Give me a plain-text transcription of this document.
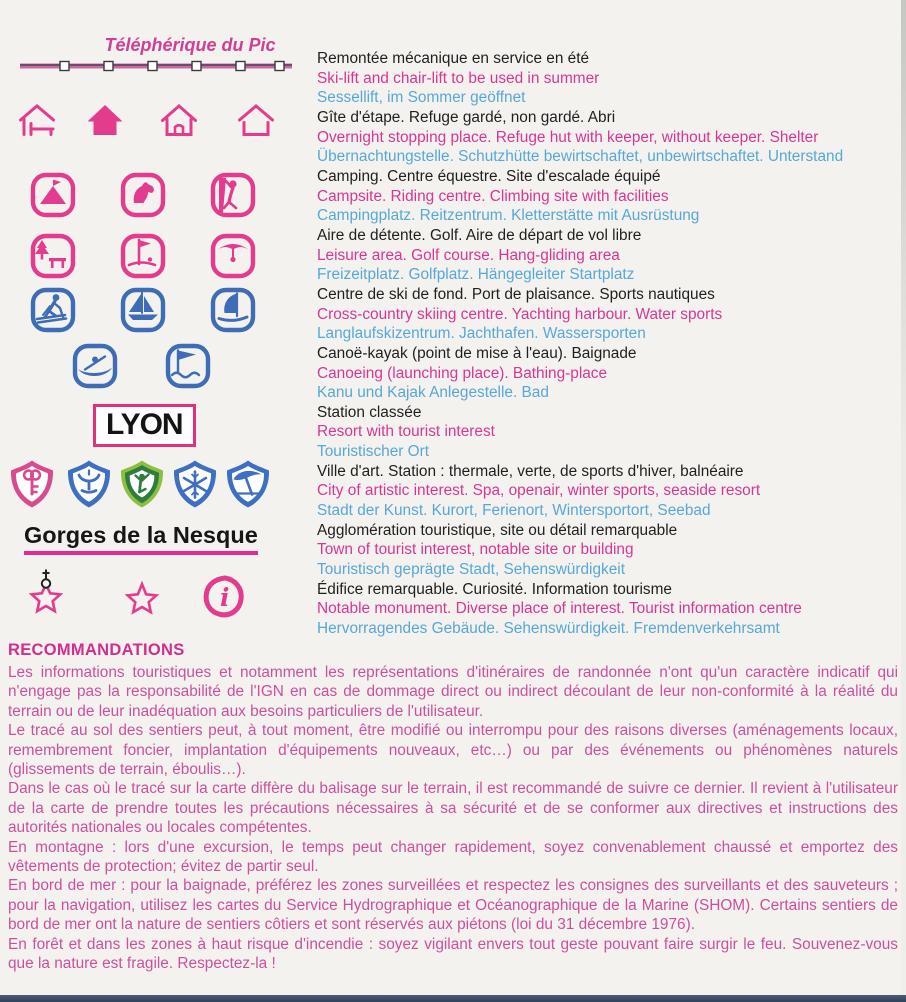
Téléphérique du Pic
LYON
Gorges de la Nesque
i
Remontée mécanique en service en été
Ski-lift and chair-lift to be used in summer
Sessellift, im Sommer geöffnet
Gîte d'étape. Refuge gardé, non gardé. Abri
Overnight stopping place. Refuge hut with keeper, without keeper. Shelter
Übernachtungstelle. Schutzhütte bewirtschaftet, unbewirtschaftet. Unterstand
Camping. Centre équestre. Site d'escalade équipé
Campsite. Riding centre. Climbing site with facilities
Campingplatz. Reitzentrum. Kletterstätte mit Ausrüstung
Aire de détente. Golf. Aire de départ de vol libre
Leisure area. Golf course. Hang-gliding area
Freizeitplatz. Golfplatz. Hängegleiter Startplatz
Centre de ski de fond. Port de plaisance. Sports nautiques
Cross-country skiing centre. Yachting harbour. Water sports
Langlaufskizentrum. Jachthafen. Wassersporten
Canoë-kayak (point de mise à l'eau). Baignade
Canoeing (launching place). Bathing-place
Kanu und Kajak Anlegestelle. Bad
Station classée
Resort with tourist interest
Touristischer Ort
Ville d'art. Station : thermale, verte, de sports d'hiver, balnéaire
City of artistic interest. Spa, openair, winter sports, seaside resort
Stadt der Kunst. Kurort, Ferienort, Wintersportort, Seebad
Agglomération touristique, site ou détail remarquable
Town of tourist interest, notable site or building
Touristisch geprägte Stadt, Sehenswürdigkeit
Édifice remarquable. Curiosité. Information tourisme
Notable monument. Diverse place of interest. Tourist information centre
Hervorragendes Gebäude. Sehenswürdigkeit. Fremdenverkehrsamt
RECOMMANDATIONS

Les informations touristiques et notamment les représentations d'itinéraires de randonnée n'ont qu'un caractère indicatif qui n'engage pas la responsabilité de l'IGN en cas de dommage direct ou indirect découlant de leur non-conformité à la réalité du terrain ou de leur inadéquation aux besoins particuliers de l'utilisateur.

Le tracé au sol des sentiers peut, à tout moment, être modifié ou interrompu pour des raisons diverses (aménagements locaux, remembrement foncier, implantation d'équipements nouveaux, etc…) ou par des événements ou phénomènes naturels (glissements de terrain, éboulis…).

Dans le cas où le tracé sur la carte diffère du balisage sur le terrain, il est recommandé de suivre ce dernier. Il revient à l'utilisateur de la carte de prendre toutes les précautions nécessaires à sa sécurité et de se conformer aux directives et instructions des autorités nationales ou locales compétentes.

En montagne : lors d'une excursion, le temps peut changer rapidement, soyez convenablement chaussé et emportez des vêtements de protection; évitez de partir seul.

En bord de mer : pour la baignade, préférez les zones surveillées et respectez les consignes des surveillants et des sauveteurs ; pour la navigation, utilisez les cartes du Service Hydrographique et Océanographique de la Marine (SHOM). Certains sentiers de bord de mer ont la nature de sentiers côtiers et sont réservés aux piétons (loi du 31 décembre 1976).

En forêt et dans les zones à haut risque d'incendie : soyez vigilant envers tout geste pouvant faire surgir le feu. Souvenez-vous que la nature est fragile. Respectez-la !
